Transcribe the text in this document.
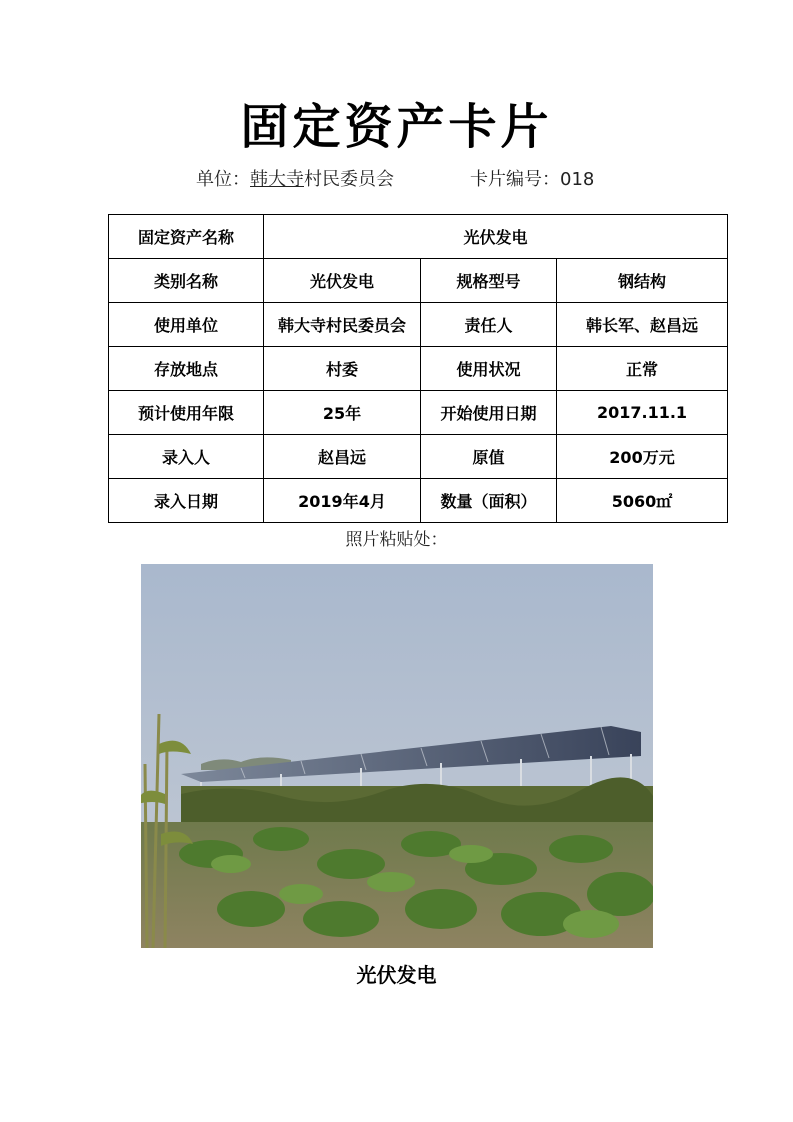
固定资产卡片
单位：韩大寺村民委员会	卡片编号：018
固定资产名称	光伏发电		
类别名称	光伏发电	规格型号	钢结构
使用单位	韩大寺村民委员会	责任人	韩长军、赵昌远
存放地点	村委	使用状况	正常
预计使用年限	25年	开始使用日期	2017.11.1
录入人	赵昌远	原值	200万元
录入日期	2019年4月	数量（面积）	5060㎡
照片粘贴处：
光伏发电
